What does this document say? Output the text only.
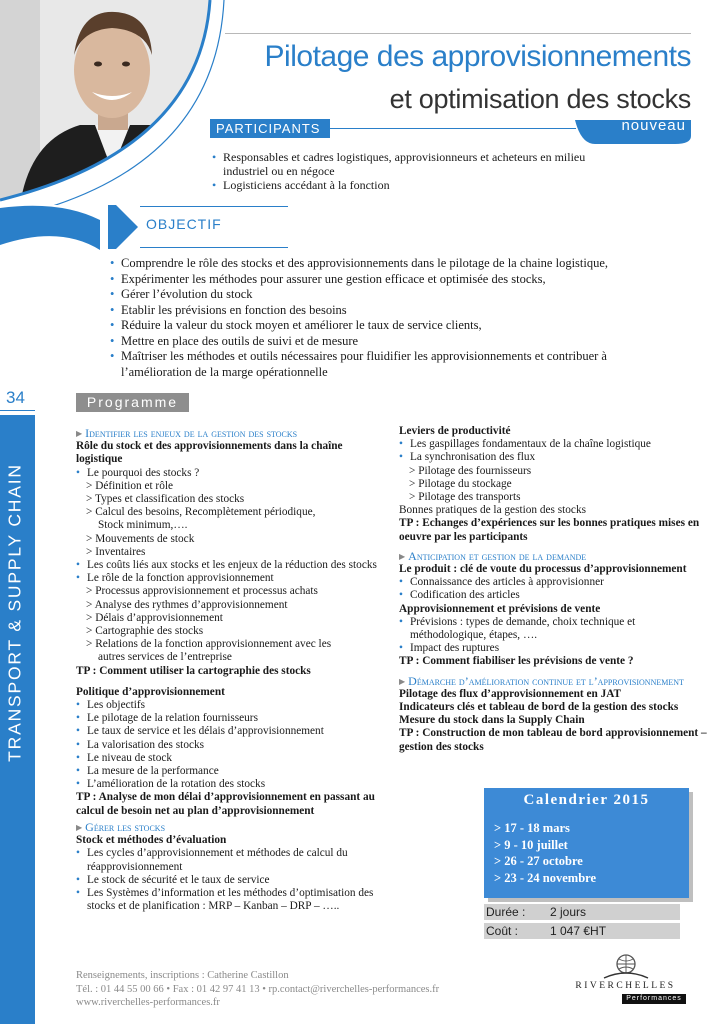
Pilotage des approvisionnements
et optimisation des stocks
PARTICIPANTS	nouveau
• Responsables et cadres logistiques, approvisionneurs et acheteurs en milieu industriel ou en négoce
• Logisticiens accédant à la fonction
OBJECTIF
• Comprendre le rôle des stocks et des approvisionnements dans le pilotage de la chaine logistique,
• Expérimenter les méthodes pour assurer une gestion efficace et optimisée des stocks,
• Gérer l’évolution du stock
• Etablir les prévisions en fonction des besoins
• Réduire la valeur du stock moyen et améliorer le taux de service clients,
• Mettre en place des outils de suivi et de mesure
• Maîtriser les méthodes et outils nécessaires pour fluidifier les approvisionnements et contribuer à l’amélioration de la marge opérationnelle
34
TRANSPORT & SUPPLY CHAIN
Programme

▶ Identifier les enjeux de la gestion des stocks

Rôle du stock et des approvisionnements dans la chaîne logistique

• Le pourquoi des stocks ?

> Définition et rôle

> Types et classification des stocks

> Calcul des besoins, Recomplètement périodique,

Stock minimum,….

> Mouvements de stock

> Inventaires

• Les coûts liés aux stocks et les enjeux de la réduction des stocks
• Le rôle de la fonction approvisionnement

> Processus approvisionnement et processus achats

> Analyse des rythmes d’approvisionnement

> Délais d’approvisionnement

> Cartographie des stocks

> Relations de la fonction approvisionnement avec les

autres services de l’entreprise

TP : Comment utiliser la cartographie des stocks

Politique d’approvisionnement

• Les objectifs
• Le pilotage de la relation fournisseurs
• Le taux de service et les délais d’approvisionnement
• La valorisation des stocks
• Le niveau de stock
• La mesure de la performance
• L’amélioration de la rotation des stocks

TP : Analyse de mon délai d’approvisionnement en passant au calcul de besoin net au plan d’approvisionnement

▶ Gérer les stocks

Stock et méthodes d’évaluation

• Les cycles d’approvisionnement et méthodes de calcul du réapprovisionnement
• Le stock de sécurité et le taux de service
• Les Systèmes d’information et les méthodes d’optimisation des stocks et de planification : MRP – Kanban – DRP – …..

Leviers de productivité

• Les gaspillages fondamentaux de la chaîne logistique
• La synchronisation des flux

> Pilotage des fournisseurs

> Pilotage du stockage

> Pilotage des transports

Bonnes pratiques de la gestion des stocks

TP : Echanges d’expériences sur les bonnes pratiques mises en oeuvre par les participants

▶ Anticipation et gestion de la demande

Le produit : clé de voute du processus d’approvisionnement

• Connaissance des articles à approvisionner
• Codification des articles

Approvisionnement et prévisions de vente

• Prévisions : types de demande, choix technique et méthodologique, étapes, ….
• Impact des ruptures

TP : Comment fiabiliser les prévisions de vente ?

▶ Démarche d’amélioration continue et l’approvisionnement

Pilotage des flux d’approvisionnement en JAT

Indicateurs clés et tableau de bord de la gestion des stocks

Mesure du stock dans la Supply Chain

TP : Construction de mon tableau de bord approvisionnement – gestion des stocks

Calendrier 2015
> 17 - 18 mars
> 9 - 10 juillet
> 26 - 27 octobre
> 23 - 24 novembre
Durée : 2 jours
Coût :	1 047 €HT
Renseignements, inscriptions : Catherine Castillon
Tél. : 01 44 55 00 66 • Fax : 01 42 97 41 13 • rp.contact@riverchelles-performances.fr
www.riverchelles-performances.fr
RIVERCHELLES
Performances
